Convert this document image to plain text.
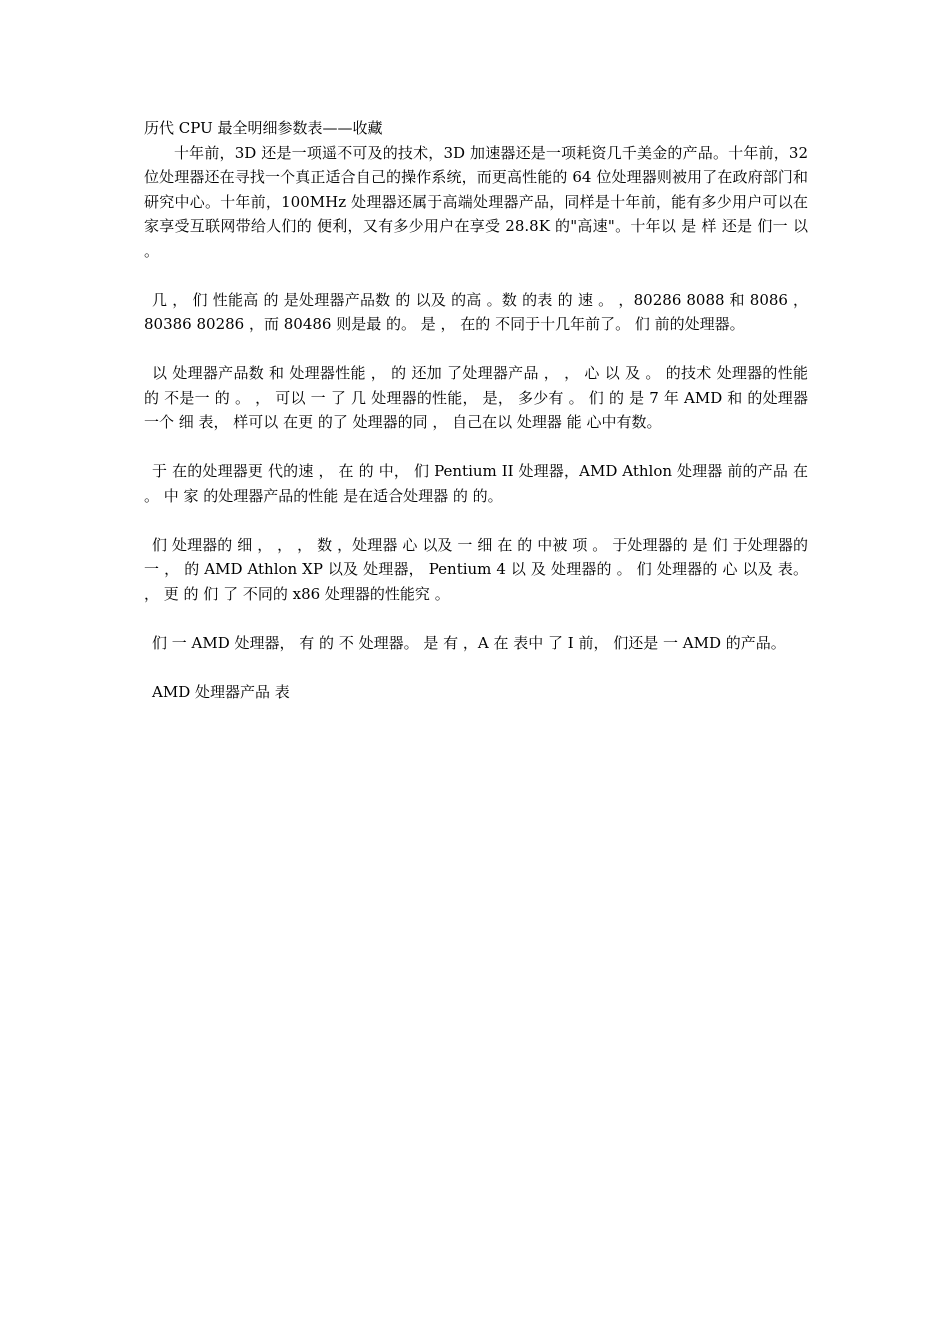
历代 CPU 最全明细参数表——收藏

十年前，3D 还是一项遥不可及的技术，3D 加速器还是一项耗资几千美金的产品。十年前，32 位处理器还在寻找一个真正适合自己的操作系统，而更高性能的 64 位处理器则被用了在政府部门和研究中心。十年前，100MHz 处理器还属于高端处理器产品，同样是十年前，能有多少用户可以在家享受互联网带给人们的 便利，又有多少用户在享受 28.8K 的"高速"。十年以 是 样 还是 们一 以 。

几 ， 们 性能高 的 是处理器产品数 的 以及 的高 。数 的表 的 速 。 ，80286 8088 和 8086 ， 80386 80286 ，而 80486 则是最 的。 是 ， 在的 不同于十几年前了。 们 前的处理器。

以 处理器产品数 和 处理器性能 ， 的 还加 了处理器产品 ， ， 心 以 及 。 的技术 处理器的性能的 不是一 的 。 ， 可以 一 了 几 处理器的性能， 是， 多少有 。 们 的 是 7 年 AMD 和 的处理器 一个 细 表， 样可以 在更 的了 处理器的同 ， 自己在以 处理器 能 心中有数。

于 在的处理器更 代的速 ， 在 的 中， 们 Pentium II 处理器，AMD Athlon 处理器 前的产品 在 。 中 家 的处理器产品的性能 是在适合处理器 的 的。

们 处理器的 细 ， ， ， 数 ，处理器 心 以及 一 细 在 的 中被 项 。 于处理器的 是 们 于处理器的 一 ， 的 AMD Athlon XP 以及 处理器， Pentium 4 以 及 处理器的 。 们 处理器的 心 以及 表。 ， 更 的 们 了 不同的 x86 处理器的性能究 。

们 一 AMD 处理器， 有 的 不 处理器。 是 有 ，A 在 表中 了 I 前， 们还是 一 AMD 的产品。

AMD 处理器产品 表
